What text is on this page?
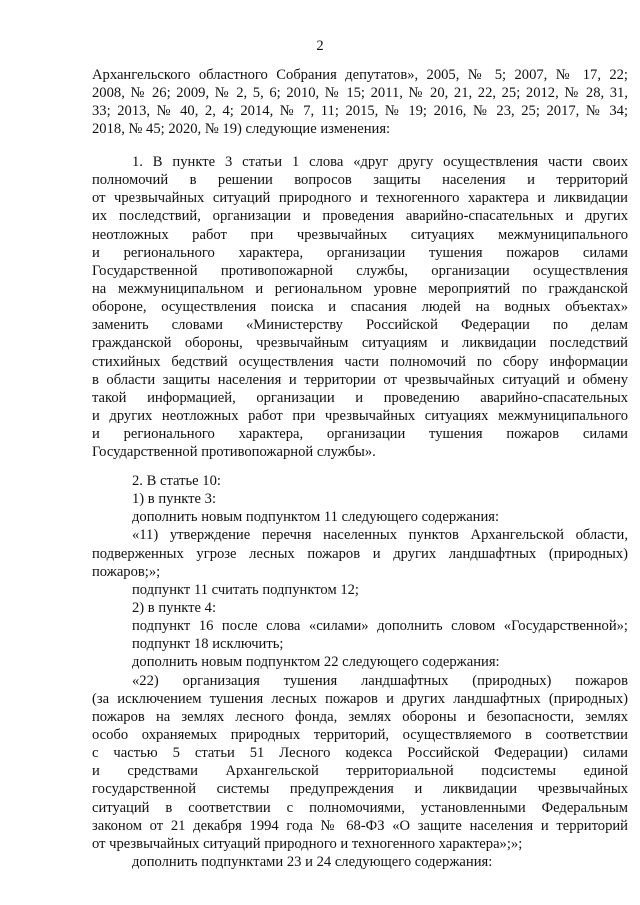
2
Архангельского областного Собрания депутатов», 2005, № 5; 2007, № 17, 22;
2008, № 26; 2009, № 2, 5, 6; 2010, № 15; 2011, № 20, 21, 22, 25; 2012, № 28, 31,
33; 2013, № 40, 2, 4; 2014, № 7, 11; 2015, № 19; 2016, № 23, 25; 2017, № 34;
2018, № 45; 2020, № 19) следующие изменения:
1. В пункте 3 статьи 1 слова «друг другу осуществления части своих
полномочий в решении вопросов защиты населения и территорий
от чрезвычайных ситуаций природного и техногенного характера и ликвидации
их последствий, организации и проведения аварийно-спасательных и других
неотложных работ при чрезвычайных ситуациях межмуниципального
и регионального характера, организации тушения пожаров силами
Государственной противопожарной службы, организации осуществления
на межмуниципальном и региональном уровне мероприятий по гражданской
обороне, осуществления поиска и спасания людей на водных объектах»
заменить словами «Министерству Российской Федерации по делам
гражданской обороны, чрезвычайным ситуациям и ликвидации последствий
стихийных бедствий осуществления части полномочий по сбору информации
в области защиты населения и территории от чрезвычайных ситуаций и обмену
такой информацией, организации и проведению аварийно-спасательных
и других неотложных работ при чрезвычайных ситуациях межмуниципального
и регионального характера, организации тушения пожаров силами
Государственной противопожарной службы».
2. В статье 10:
1) в пункте 3:
дополнить новым подпунктом 11 следующего содержания:
«11) утверждение перечня населенных пунктов Архангельской области,
подверженных угрозе лесных пожаров и других ландшафтных (природных)
пожаров;»;
подпункт 11 считать подпунктом 12;
2) в пункте 4:
подпункт 16 после слова «силами» дополнить словом «Государственной»;
подпункт 18 исключить;
дополнить новым подпунктом 22 следующего содержания:
«22) организация тушения ландшафтных (природных) пожаров
(за исключением тушения лесных пожаров и других ландшафтных (природных)
пожаров на землях лесного фонда, землях обороны и безопасности, землях
особо охраняемых природных территорий, осуществляемого в соответствии
с частью 5 статьи 51 Лесного кодекса Российской Федерации) силами
и средствами Архангельской территориальной подсистемы единой
государственной системы предупреждения и ликвидации чрезвычайных
ситуаций в соответствии с полномочиями, установленными Федеральным
законом от 21 декабря 1994 года № 68-ФЗ «О защите населения и территорий
от чрезвычайных ситуаций природного и техногенного характера»;»;
дополнить подпунктами 23 и 24 следующего содержания:
